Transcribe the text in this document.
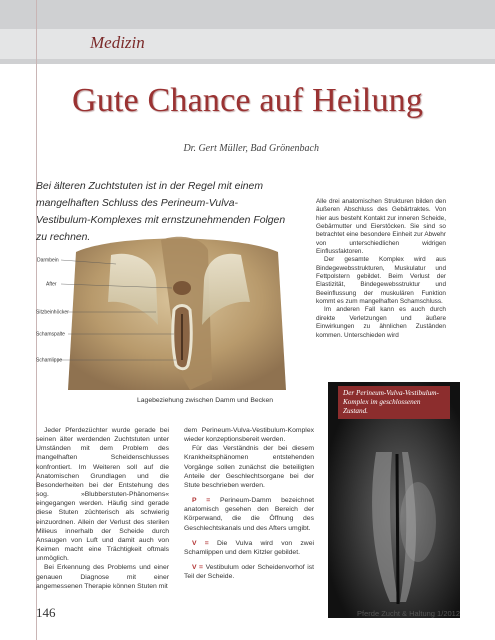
Medizin
Gute Chance auf Heilung
Dr. Gert Müller, Bad Grönenbach
Bei älteren Zuchtstuten ist in der Regel mit einem mangelhaften Schluss des Perineum-Vulva-Vestibulum-Komplexes mit ernstzunehmenden Folgen zu rechnen.

Alle drei anatomischen Strukturen bilden den äußeren Abschluss des Gebärtraktes. Von hier aus besteht Kontakt zur inneren Scheide, Gebärmutter und Eierstöcken. Sie sind so betrachtet eine besondere Einheit zur Abwehr von unterschiedlichen widrigen Einflussfaktoren.

Der gesamte Komplex wird aus Bindegewebsstrukturen, Muskulatur und Fettpolstern gebildet. Beim Verlust der Elastizität, Bindegewebsstruktur und Beeinflussung der muskulären Funktion kommt es zum mangelhaften Schamschluss.

Im anderen Fall kann es auch durch direkte Verletzungen und äußere Einwirkungen zu ähnlichen Zuständen kommen. Unterschieden wird

Darmbein
After
Sitzbeinhöcker
Schamspalte
Schamlippe
Lagebeziehung zwischen Damm und Becken

Jeder Pferdezüchter wurde gerade bei seinen älter werdenden Zuchtstuten unter Umständen mit dem Problem des mangelhaften Scheidenschlusses konfrontiert. Im Weiteren soll auf die Anatomischen Grundlagen und die Besonderheiten bei der Entstehung des sog. »Blubberstuten-Phänomens« eingegangen werden. Häufig sind gerade diese Stuten züchterisch als schwierig einzuordnen. Allein der Verlust des sterilen Milieus innerhalb der Scheide durch Ansaugen von Luft und damit auch von Keimen macht eine Trächtigkeit oftmals unmöglich.

Bei Erkennung des Problems und einer genauen Diagnose mit einer angemessenen Therapie können Stuten mit

dem Perineum-Vulva-Vestibulum-Komplex wieder konzeptionsbereit werden.

Für das Verständnis der bei diesem Krankheitsphänomen entstehenden Vorgänge sollen zunächst die beteiligten Anteile der Geschlechtsorgane bei der Stute beschrieben werden.

P = Perineum-Damm bezeichnet anatomisch gesehen den Bereich der Körperwand, die die Öffnung des Geschlechtskanals und des Afters umgibt.

V = Die Vulva wird von zwei Schamlippen und dem Kitzler gebildet.

V = Vestibulum oder Scheidenvorhof ist Teil der Scheide.

Der Perineum-Vulva-Vestibulum-Komplex im geschlossenen Zustand.
146	Pferde Zucht & Haltung 1/2012
